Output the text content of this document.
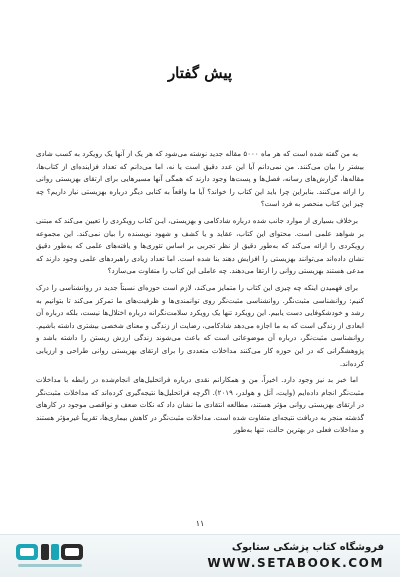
پیش گفتار

به من گفته شده است که هر ماه ۵۰۰۰ مقاله جدید نوشته می‌شود که هر یک از آنها یک رویکرد به کسب شادی بیشتر را بیان می‌کنند. من نمی‌دانم آیا این عدد دقیق است یا نه، اما می‌دانم که تعداد فزاینده‌ای از کتاب‌ها، مقاله‌ها، گزارش‌های رسانه، فصل‌ها و پست‌ها وجود دارند که همگی آنها مسیرهایی برای ارتقای بهزیستی روانی را ارائه می‌کنند. بنابراین چرا باید این کتاب را خواند؟ آیا ما واقعاً به کتابی دیگر درباره بهزیستی نیاز داریم؟ چه چیز این کتاب منحصر به فرد است؟

برخلاف بسیاری از موارد جانب شده درباره شادکامی و بهزیستی، ایـن کتاب رویکردی را تعیین می‌کند که مبتنی بر شواهد علمی است. محتوای این کتاب، عقاید و یا کشف و شهود نویسنده را بیان نمی‌کند. این مجموعه رویکردی را ارائه می‌کند که به‌طور دقیق از نظر تجربی بر اساس تئوری‌ها و یافته‌های علمی که به‌طور دقیق نشان داده‌اند می‌توانند بهزیستی را افزایش دهند بنا شده است. اما تعداد زیادی راهبردهای علمی وجود دارند که مدعی هستند بهزیستی روانی را ارتقا می‌دهند. چه عاملی این کتاب را متفاوت می‌سازد؟

برای فهمیدن اینکه چه چیزی این کتاب را متمایز می‌کند، لازم است حوزه‌ای نسبتاً جدید در روانشناسی را درک کنیم: روانشناسی مثبت‌نگر. روانشناسی مثبت‌نگر روی توانمندی‌ها و ظرفیت‌های ما تمرکز می‌کند تا بتوانیم به رشد و خودشکوفایی دست یابیم. این رویکرد تنها یک رویکرد سلامت‌نگرانه درباره اختلال‌ها نیست، بلکه درباره آن ابعادی از زندگی است که به ما اجازه می‌دهد شادکامی، رضایت از زندگی و معنای شخصی بیشتری داشته باشیم. روانشناسی مثبت‌نگر، درباره آن موضوعاتی است که باعث می‌شوند زندگی ارزش زیستن را داشته باشد و پژوهشگرانی که در این حوزه کار می‌کنند مداخلات متعددی را برای ارتقای بهزیستی روانی طراحی و ارزیابی کرده‌اند.

اما خبر بد نیز وجود دارد. اخیراً، من و همکارانم نقدی درباره فراتحلیل‌های انجام‌شده در رابطه با مداخلات مثبت‌نگر انجام داده‌ایم (وایت، آتل و هولدر، ۲۰۱۹). اگرچه فراتحلیل‌ها نتیجه‌گیری کرده‌اند که مداخلات مثبت‌نگر در ارتقای بهزیستی روانی مؤثر هستند، مطالعه انتقادی ما نشان داد که نکات ضعف و نواقصی موجود در کارهای گذشته منجر به دریافت نتیجه‌ای متفاوت شده است. مداخلات مثبت‌نگر در کاهش بیماری‌ها، تقریباً غیرمؤثر هستند و مداخلات فعلی در بهترین حالت، تنها به‌طور

۱۱
فروشگاه کتاب پزشکی ستابوک
WWW.SETABOOK.COM
